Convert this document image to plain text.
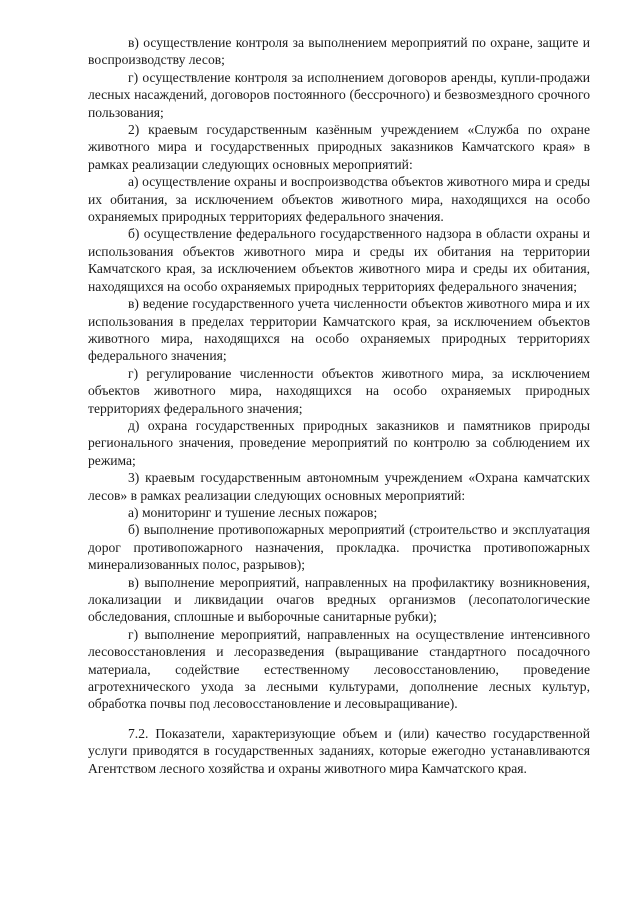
в) осуществление контроля за выполнением мероприятий по охране, защите и воспроизводству лесов;

г) осуществление контроля за исполнением договоров аренды, купли-продажи лесных насаждений, договоров постоянного (бессрочного) и безвозмездного срочного пользования;

2) краевым государственным казённым учреждением «Служба по охране животного мира и государственных природных заказников Камчатского края» в рамках реализации следующих основных мероприятий:

а) осуществление охраны и воспроизводства объектов животного мира и среды их обитания, за исключением объектов животного мира, находящихся на особо охраняемых природных территориях федерального значения.

б) осуществление федерального государственного надзора в области охраны и использования объектов животного мира и среды их обитания на территории Камчатского края, за исключением объектов животного мира и среды их обитания, находящихся на особо охраняемых природных территориях федерального значения;

в) ведение государственного учета численности объектов животного мира и их использования в пределах территории Камчатского края, за исключением объектов животного мира, находящихся на особо охраняемых природных территориях федерального значения;

г) регулирование численности объектов животного мира, за исключением объектов животного мира, находящихся на особо охраняемых природных территориях федерального значения;

д) охрана государственных природных заказников и памятников природы регионального значения, проведение мероприятий по контролю за соблюдением их режима;

3) краевым государственным автономным учреждением «Охрана камчатских лесов» в рамках реализации следующих основных мероприятий:

а) мониторинг и тушение лесных пожаров;

б) выполнение противопожарных мероприятий (строительство и эксплуатация дорог противопожарного назначения, прокладка. прочистка противопожарных минерализованных полос, разрывов);

в) выполнение мероприятий, направленных на профилактику возникновения, локализации и ликвидации очагов вредных организмов (лесопатологические обследования, сплошные и выборочные санитарные рубки);

г) выполнение мероприятий, направленных на осуществление интенсивного лесовосстановления и лесоразведения (выращивание стандартного посадочного материала, содействие естественному лесовосстановлению, проведение агротехнического ухода за лесными культурами, дополнение лесных культур, обработка почвы под лесовосстановление и лесовыращивание).

7.2. Показатели, характеризующие объем и (или) качество государственной услуги приводятся в государственных заданиях, которые ежегодно устанавливаются Агентством лесного хозяйства и охраны животного мира Камчатского края.
